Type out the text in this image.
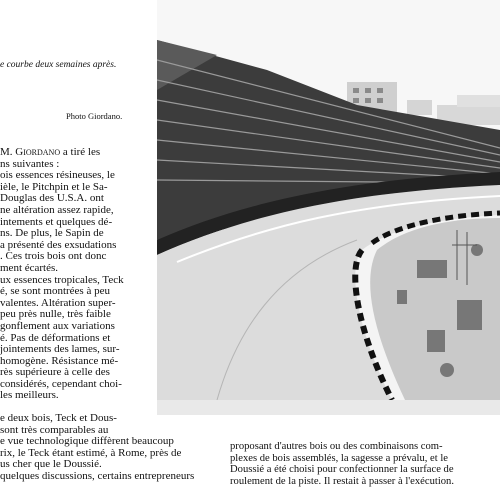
e courbe deux semaines après.
Photo Giordano.
M. Giordano a tiré les
ns suivantes :
ois essences résineuses, le
ièle, le Pitchpin et le Sa-
Douglas des U.S.A. ont
ne altération assez rapide,
intements et quelques dé-
ns. De plus, le Sapin de
a présenté des exsudations
. Ces trois bois ont donc
ment écartés.
ux essences tropicales, Teck
é, se sont montrées à peu
valentes. Altération super-
peu près nulle, très faible
gonflement aux variations
é. Pas de déformations et
jointements des lames, sur-
homogène. Résistance mé-
rès supérieure à celle des
considérés, cependant choi-
les meilleurs.
e deux bois, Teck et Dous-
sont très comparables au
e vue technologique diffèrent beaucoup
rix, le Teck étant estimé, à Rome, près de
us cher que le Doussié.
quelques discussions, certains entrepreneurs
proposant d'autres bois ou des combinaisons com-
plexes de bois assemblés, la sagesse a prévalu, et le
Doussié a été choisi pour confectionner la surface de
roulement de la piste. Il restait à passer à l'exécution.
